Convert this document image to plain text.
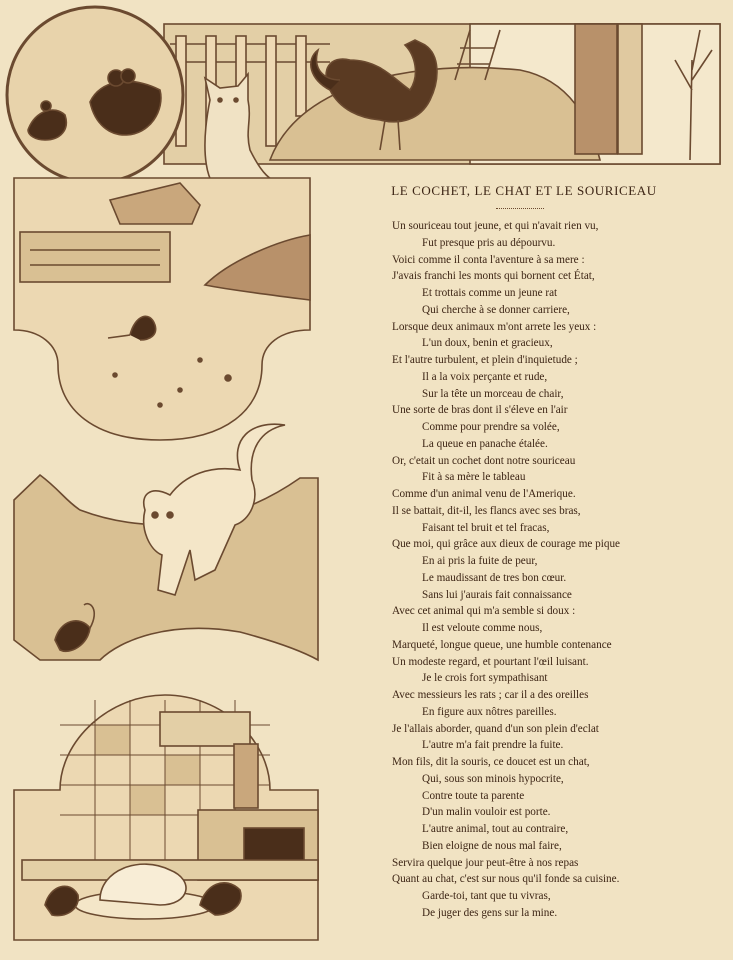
LE COCHET, LE CHAT ET LE SOURICEAU
Un souriceau tout jeune, et qui n'avait rien vu,
Fut presque pris au dépourvu.
Voici comme il conta l'aventure à sa mere :
J'avais franchi les monts qui bornent cet État,
Et trottais comme un jeune rat
Qui cherche à se donner carriere,
Lorsque deux animaux m'ont arrete les yeux :
L'un doux, benin et gracieux,
Et l'autre turbulent, et plein d'inquietude ;
Il a la voix perçante et rude,
Sur la tête un morceau de chair,
Une sorte de bras dont il s'éleve en l'air
Comme pour prendre sa volée,
La queue en panache étalée.
Or, c'etait un cochet dont notre souriceau
Fit à sa mère le tableau
Comme d'un animal venu de l'Amerique.
Il se battait, dit-il, les flancs avec ses bras,
Faisant tel bruit et tel fracas,
Que moi, qui grâce aux dieux de courage me pique
En ai pris la fuite de peur,
Le maudissant de tres bon cœur.
Sans lui j'aurais fait connaissance
Avec cet animal qui m'a semble si doux :
Il est veloute comme nous,
Marqueté, longue queue, une humble contenance
Un modeste regard, et pourtant l'œil luisant.
Je le crois fort sympathisant
Avec messieurs les rats ; car il a des oreilles
En figure aux nôtres pareilles.
Je l'allais aborder, quand d'un son plein d'eclat
L'autre m'a fait prendre la fuite.
Mon fils, dit la souris, ce doucet est un chat,
Qui, sous son minois hypocrite,
Contre toute ta parente
D'un malin vouloir est porte.
L'autre animal, tout au contraire,
Bien eloigne de nous mal faire,
Servira quelque jour peut-être à nos repas
Quant au chat, c'est sur nous qu'il fonde sa cuisine.
Garde-toi, tant que tu vivras,
De juger des gens sur la mine.
